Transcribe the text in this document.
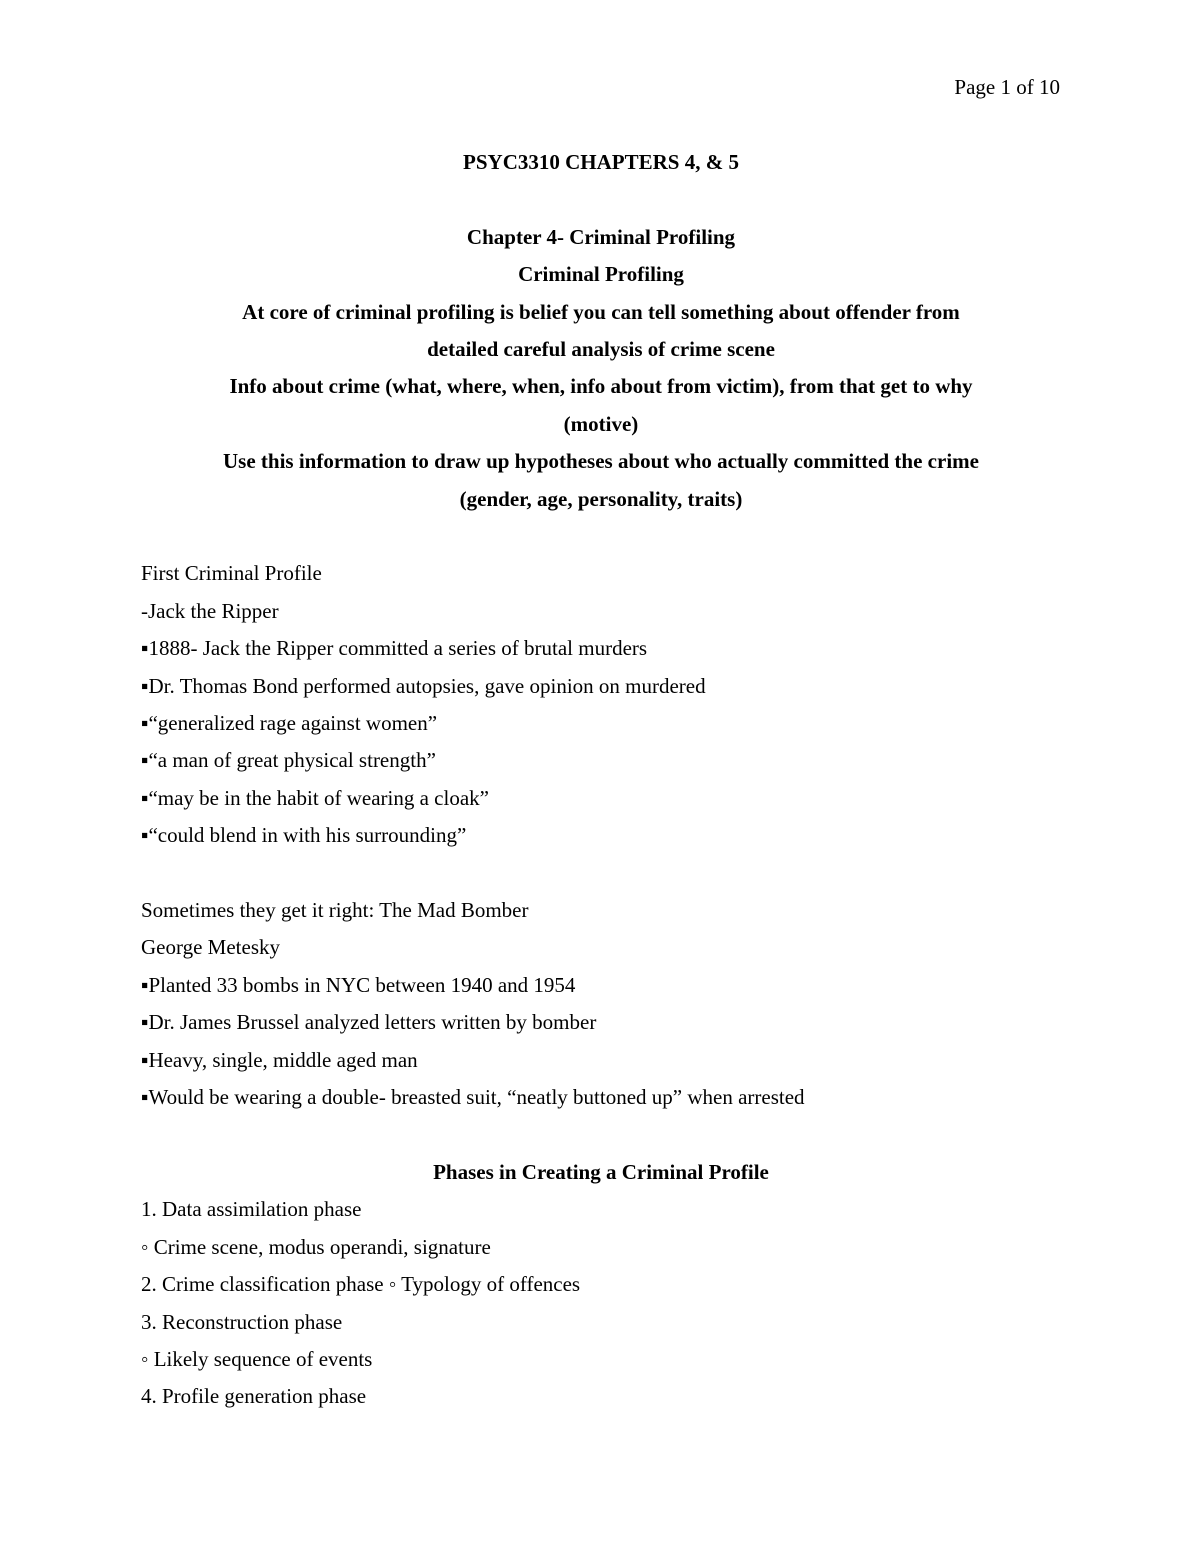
Page 1 of 10

PSYC3310 CHAPTERS 4, & 5

Chapter 4- Criminal Profiling

Criminal Profiling

At core of criminal profiling is belief you can tell something about offender from

detailed careful analysis of crime scene

Info about crime (what, where, when, info about from victim), from that get to why

(motive)

Use this information to draw up hypotheses about who actually committed the crime

(gender, age, personality, traits)

First Criminal Profile

-Jack the Ripper

▪1888- Jack the Ripper committed a series of brutal murders

▪Dr. Thomas Bond performed autopsies, gave opinion on murdered

▪“generalized rage against women”

▪“a man of great physical strength”

▪“may be in the habit of wearing a cloak”

▪“could blend in with his surrounding”

Sometimes they get it right: The Mad Bomber

George Metesky

▪Planted 33 bombs in NYC between 1940 and 1954

▪Dr. James Brussel analyzed letters written by bomber

▪Heavy, single, middle aged man

▪Would be wearing a double- breasted suit, “neatly buttoned up” when arrested

Phases in Creating a Criminal Profile

1. Data assimilation phase

◦ Crime scene, modus operandi, signature

2. Crime classification phase ◦ Typology of offences

3. Reconstruction phase

◦ Likely sequence of events

4. Profile generation phase
